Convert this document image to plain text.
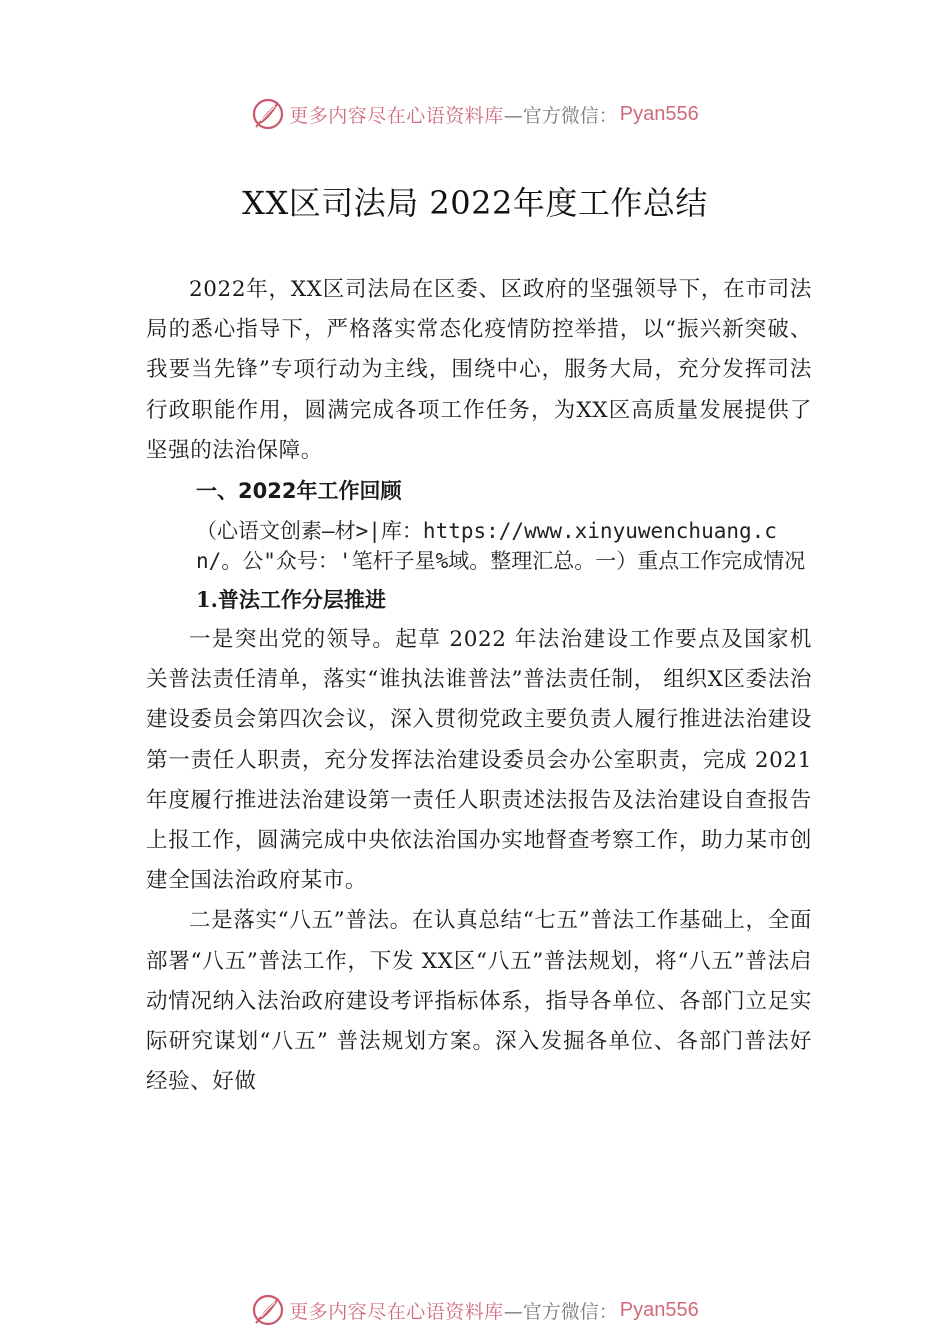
更多内容尽在心语资料库 —官方微信： Pyan556
XX区司法局 2022年度工作总结

2022年，XX区司法局在区委、区政府的坚强领导下，在市司法局的悉心指导下，严格落实常态化疫情防控举措，以“振兴新突破、我要当先锋”专项行动为主线，围绕中心，服务大局，充分发挥司法行政职能作用，圆满完成各项工作任务，为XX区高质量发展提供了坚强的法治保障。

一、2022年工作回顾

（心语文创素—材>|库：https://www.xinyuwenchuang.cn/。公"众号：'笔杆子星%域。整理汇总。一）重点工作完成情况

1.普法工作分层推进

一是突出党的领导。起草 2022 年法治建设工作要点及国家机关普法责任清单，落实“谁执法谁普法”普法责任制， 组织X区委法治建设委员会第四次会议，深入贯彻党政主要负责人履行推进法治建设第一责任人职责，充分发挥法治建设委员会办公室职责，完成 2021 年度履行推进法治建设第一责任人职责述法报告及法治建设自查报告上报工作，圆满完成中央依法治国办实地督查考察工作，助力某市创建全国法治政府某市。

二是落实“八五”普法。在认真总结“七五”普法工作基础上，全面部署“八五”普法工作，下发 XX区“八五”普法规划，将“八五”普法启动情况纳入法治政府建设考评指标体系，指导各单位、各部门立足实际研究谋划“八五” 普法规划方案。深入发掘各单位、各部门普法好经验、好做

更多内容尽在心语资料库 —官方微信： Pyan556
